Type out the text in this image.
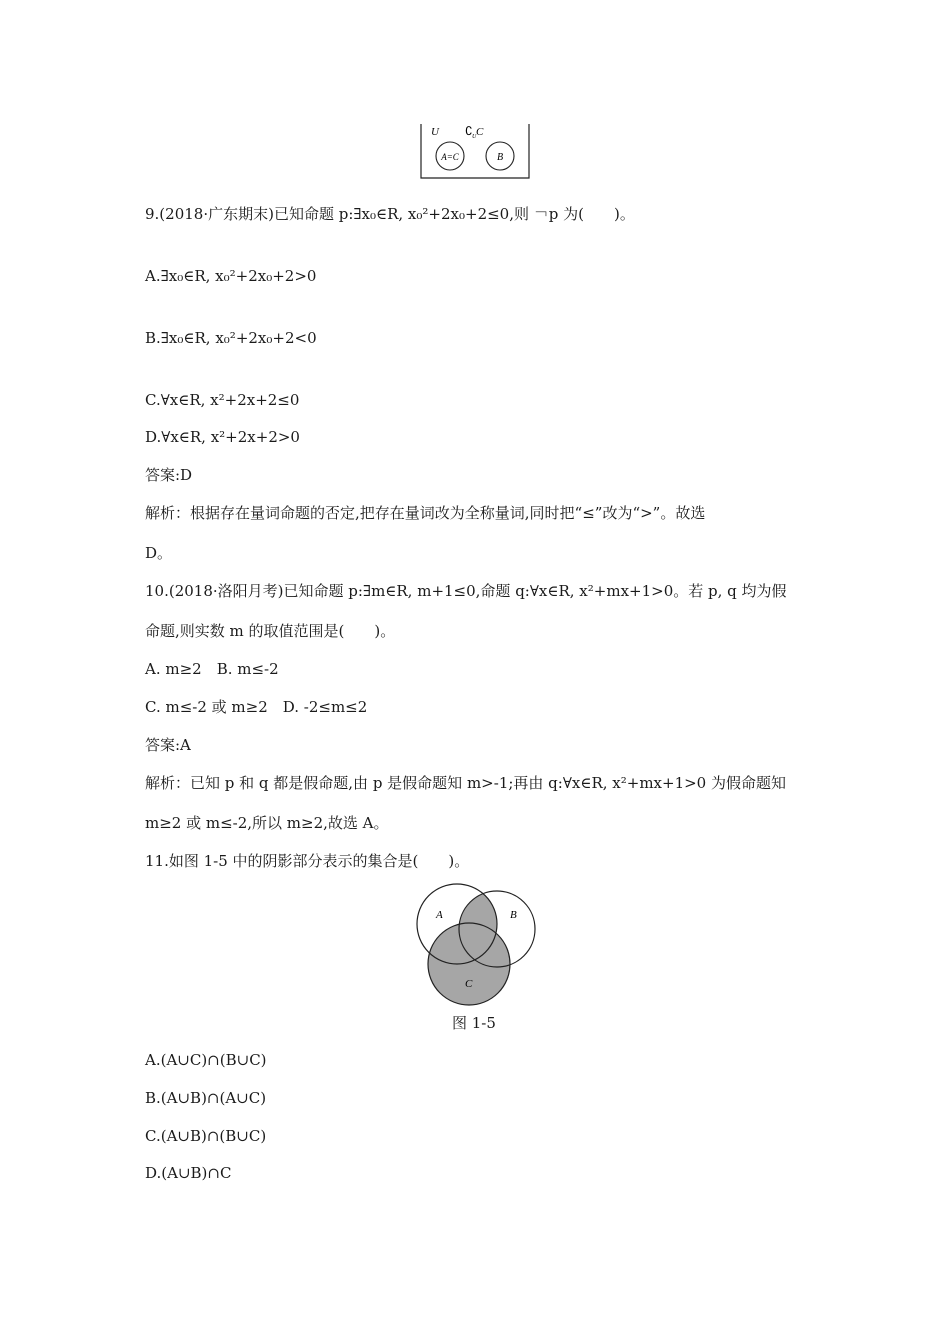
U ∁ U C
A=C	B
9.(2018·广东期末)已知命题 p:∃x₀∈R, x₀²+2x₀+2≤0,则 ￢p 为(　　)。
A.∃x₀∈R, x₀²+2x₀+2>0
B.∃x₀∈R, x₀²+2x₀+2<0
C.∀x∈R, x²+2x+2≤0
D.∀x∈R, x²+2x+2>0
答案:D
解析：根据存在量词命题的否定,把存在量词改为全称量词,同时把“≤”改为“>”。故选
D。
10.(2018·洛阳月考)已知命题 p:∃m∈R, m+1≤0,命题 q:∀x∈R, x²+mx+1>0。若 p, q 均为假
命题,则实数 m 的取值范围是(　　)。
A. m≥2　B. m≤-2
C. m≤-2 或 m≥2　D. -2≤m≤2
答案:A
解析：已知 p 和 q 都是假命题,由 p 是假命题知 m>-1;再由 q:∀x∈R, x²+mx+1>0 为假命题知
m≥2 或 m≤-2,所以 m≥2,故选 A。
11.如图 1-5 中的阴影部分表示的集合是(　　)。
A	B
C
图 1-5
A.(A∪C)∩(B∪C)
B.(A∪B)∩(A∪C)
C.(A∪B)∩(B∪C)
D.(A∪B)∩C
